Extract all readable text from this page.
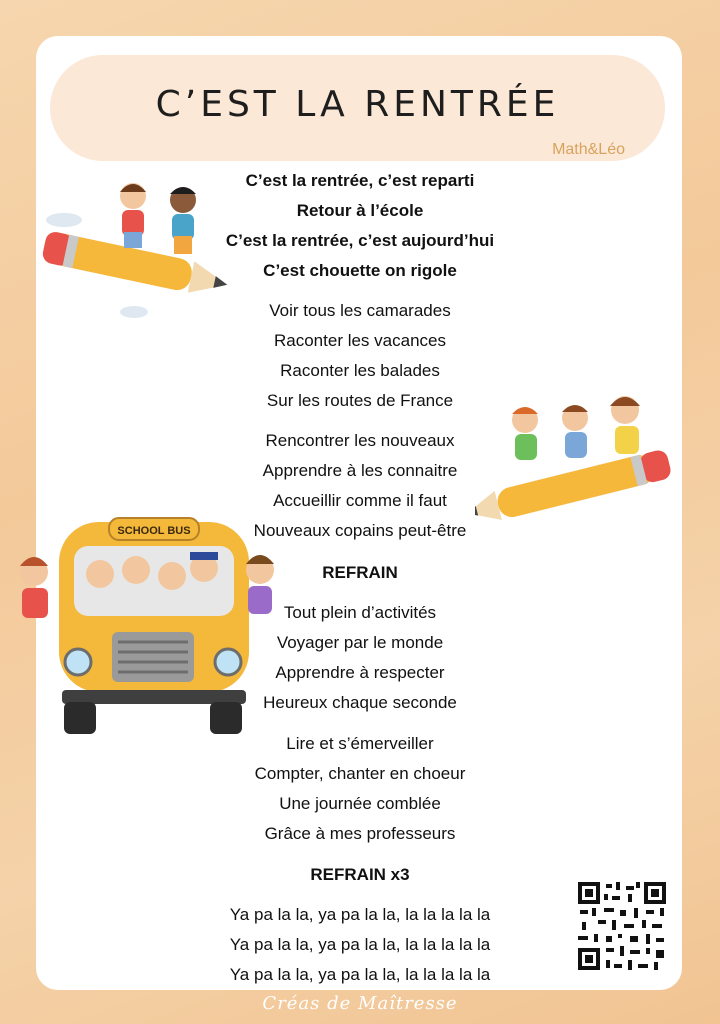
C’EST LA RENTRÉE
Math&Léo
SCHOOL BUS
C’est la rentrée, c’est reparti
Retour à l’école
C’est la rentrée, c’est aujourd’hui
C’est chouette on rigole
Voir tous les camarades
Raconter les vacances
Raconter les balades
Sur les routes de France
Rencontrer les nouveaux
Apprendre à les connaitre
Accueillir comme il faut
Nouveaux copains peut-être
REFRAIN
Tout plein d’activités
Voyager par le monde
Apprendre à respecter
Heureux chaque seconde
Lire et s’émerveiller
Compter, chanter en choeur
Une journée comblée
Grâce à mes professeurs
REFRAIN x3
Ya pa la la, ya pa la la, la la la la la
Ya pa la la, ya pa la la, la la la la la
Ya pa la la, ya pa la la, la la la la la
Créas de Maîtresse
